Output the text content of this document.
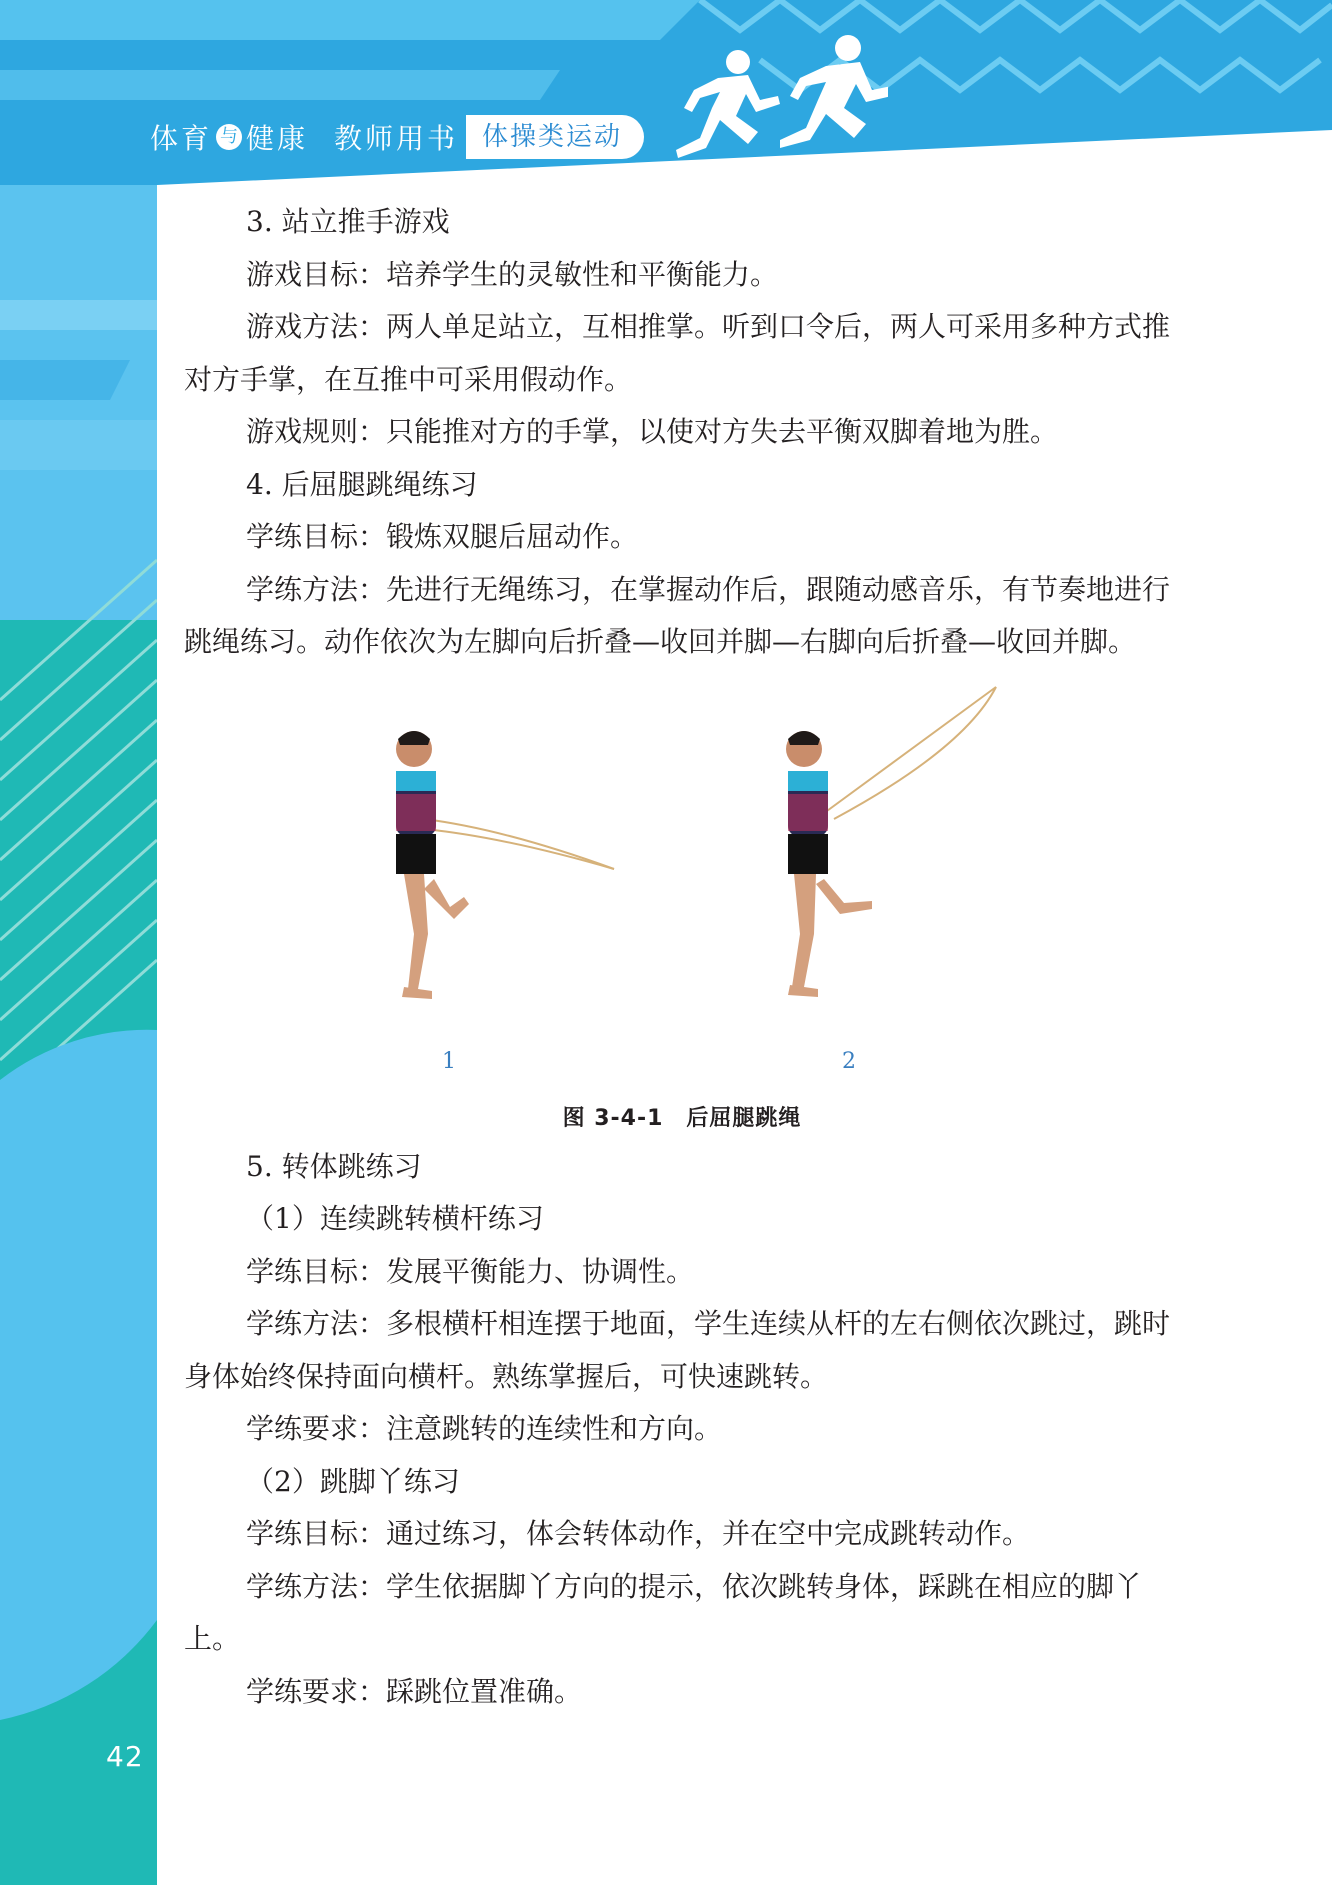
体育 与 健康 教师用书 体操类运动

3. 站立推手游戏

游戏目标：培养学生的灵敏性和平衡能力。

游戏方法：两人单足站立，互相推掌。听到口令后，两人可采用多种方式推对方手掌，在互推中可采用假动作。

游戏规则：只能推对方的手掌，以使对方失去平衡双脚着地为胜。

4. 后屈腿跳绳练习

学练目标：锻炼双腿后屈动作。

学练方法：先进行无绳练习，在掌握动作后，跟随动感音乐，有节奏地进行跳绳练习。动作依次为左脚向后折叠—收回并脚—右脚向后折叠—收回并脚。

1	2
图 3-4-1　后屈腿跳绳

5. 转体跳练习

（1）连续跳转横杆练习

学练目标：发展平衡能力、协调性。

学练方法：多根横杆相连摆于地面，学生连续从杆的左右侧依次跳过，跳时身体始终保持面向横杆。熟练掌握后，可快速跳转。

学练要求：注意跳转的连续性和方向。

（2）跳脚丫练习

学练目标：通过练习，体会转体动作，并在空中完成跳转动作。

学练方法：学生依据脚丫方向的提示，依次跳转身体，踩跳在相应的脚丫上。

学练要求：踩跳位置准确。

42
